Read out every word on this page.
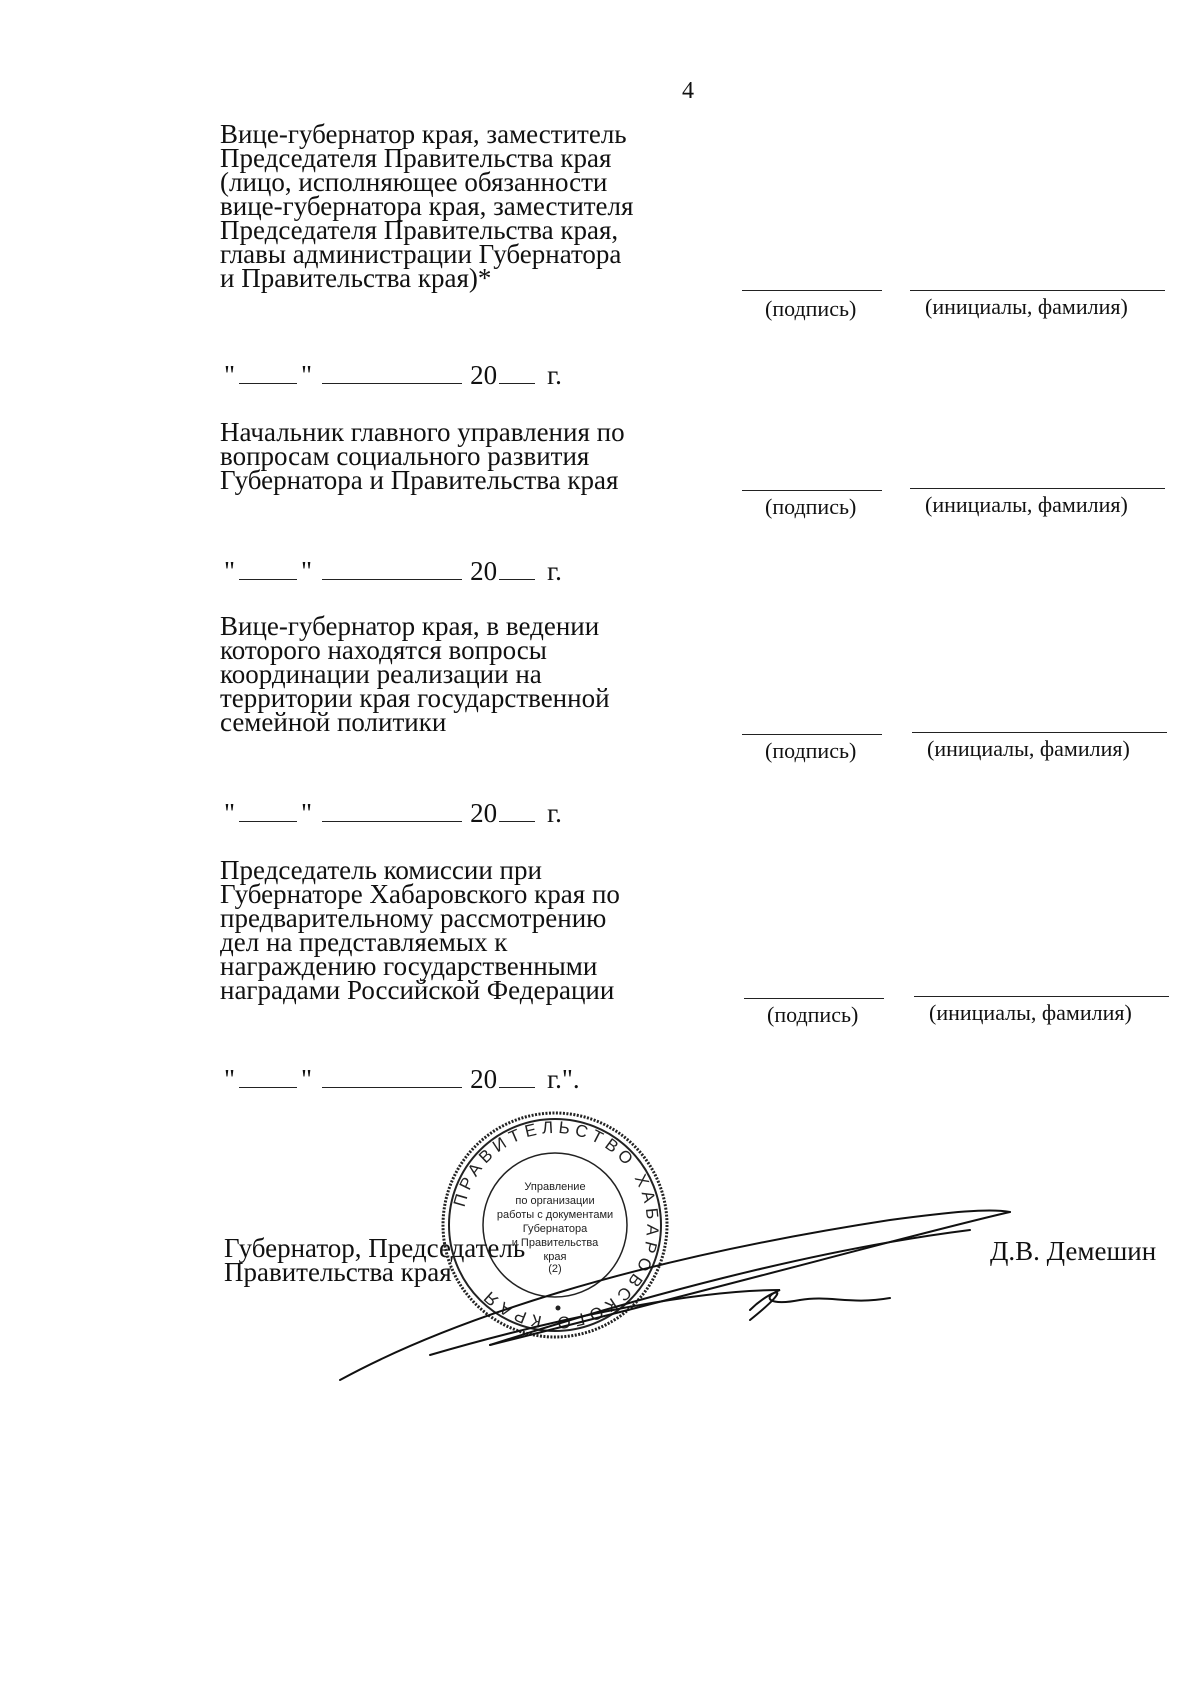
4
Вице-губернатор края, заместитель
Председателя Правительства края
(лицо, исполняющее обязанности
вице-губернатора края, заместителя
Председателя Правительства края,
главы администрации Губернатора
и Правительства края)*
(подпись)	(инициалы, фамилия)
" "	20 г.
Начальник главного управления по
вопросам социального развития
Губернатора и Правительства края
(подпись)	(инициалы, фамилия)
" "	20 г.
Вице-губернатор края, в ведении
которого находятся вопросы
координации реализации на
территории края государственной
семейной политики
(подпись)	(инициалы, фамилия)
" "	20 г.
Председатель комиссии при
Губернаторе Хабаровского края по
предварительному рассмотрению
дел на представляемых к
награждению государственными
наградами Российской Федерации
(подпись)	(инициалы, фамилия)
" "	20 г.".
Губернатор, Председатель
Правительства края
Д.В. Демешин
ПРАВИТЕЛЬСТВО ХАБАРОВСКОГО КРАЯ
Управление
по организации
работы с документами
Губернатора
и Правительства
края
(2)
